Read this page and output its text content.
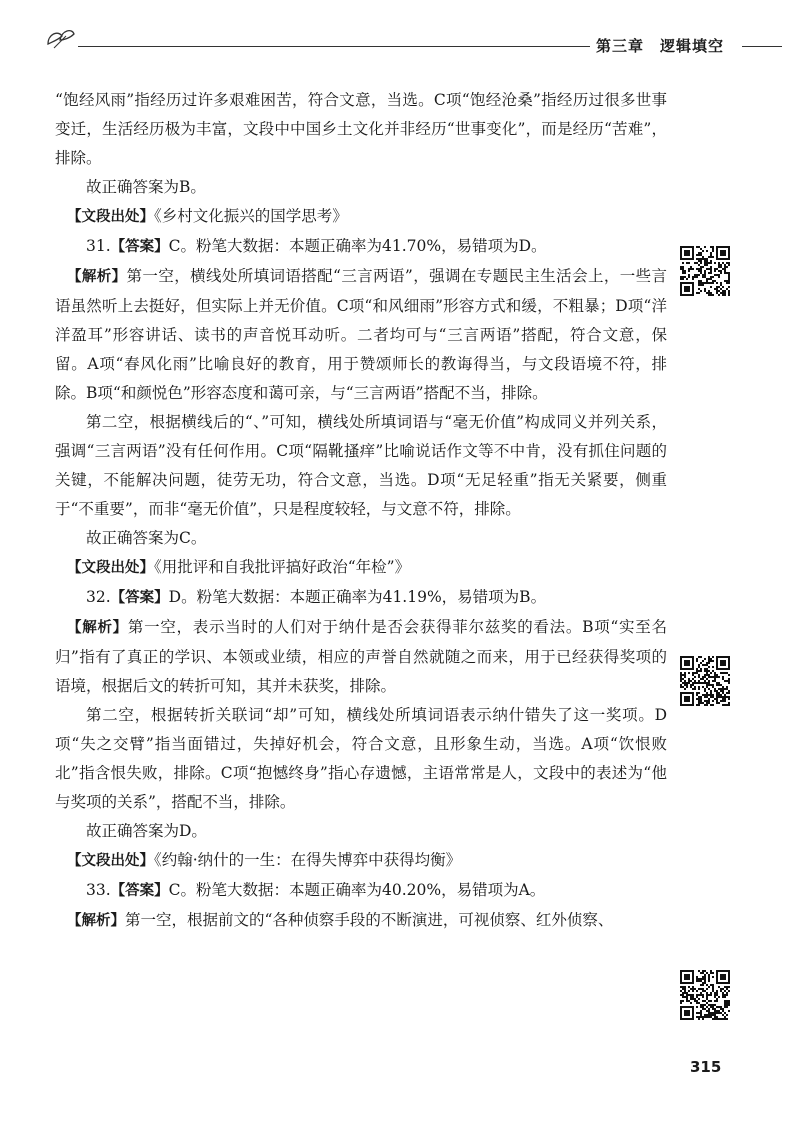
第三章 逻辑填空

“饱经风雨”指经历过许多艰难困苦，符合文意，当选。C项“饱经沧桑”指经历过很多世事变迁，生活经历极为丰富，文段中中国乡土文化并非经历“世事变化”，而是经历“苦难”，排除。

故正确答案为B。

【文段出处】《乡村文化振兴的国学思考》

31.【答案】C。粉笔大数据：本题正确率为41.70%，易错项为D。

【解析】第一空，横线处所填词语搭配“三言两语”，强调在专题民主生活会上，一些言语虽然听上去挺好，但实际上并无价值。C项“和风细雨”形容方式和缓，不粗暴；D项“洋洋盈耳”形容讲话、读书的声音悦耳动听。二者均可与“三言两语”搭配，符合文意，保留。A项“春风化雨”比喻良好的教育，用于赞颂师长的教诲得当，与文段语境不符，排除。B项“和颜悦色”形容态度和蔼可亲，与“三言两语”搭配不当，排除。

第二空，根据横线后的“、”可知，横线处所填词语与“毫无价值”构成同义并列关系，强调“三言两语”没有任何作用。C项“隔靴搔痒”比喻说话作文等不中肯，没有抓住问题的关键，不能解决问题，徒劳无功，符合文意，当选。D项“无足轻重”指无关紧要，侧重于“不重要”，而非“毫无价值”，只是程度较轻，与文意不符，排除。

故正确答案为C。

【文段出处】《用批评和自我批评搞好政治“年检”》

32.【答案】D。粉笔大数据：本题正确率为41.19%，易错项为B。

【解析】第一空，表示当时的人们对于纳什是否会获得菲尔兹奖的看法。B项“实至名归”指有了真正的学识、本领或业绩，相应的声誉自然就随之而来，用于已经获得奖项的语境，根据后文的转折可知，其并未获奖，排除。

第二空，根据转折关联词“却”可知，横线处所填词语表示纳什错失了这一奖项。D项“失之交臂”指当面错过，失掉好机会，符合文意，且形象生动，当选。A项“饮恨败北”指含恨失败，排除。C项“抱憾终身”指心存遗憾，主语常常是人，文段中的表述为“他与奖项的关系”，搭配不当，排除。

故正确答案为D。

【文段出处】《约翰·纳什的一生：在得失博弈中获得均衡》

33.【答案】C。粉笔大数据：本题正确率为40.20%，易错项为A。

【解析】第一空，根据前文的“各种侦察手段的不断演进，可视侦察、红外侦察、

315
